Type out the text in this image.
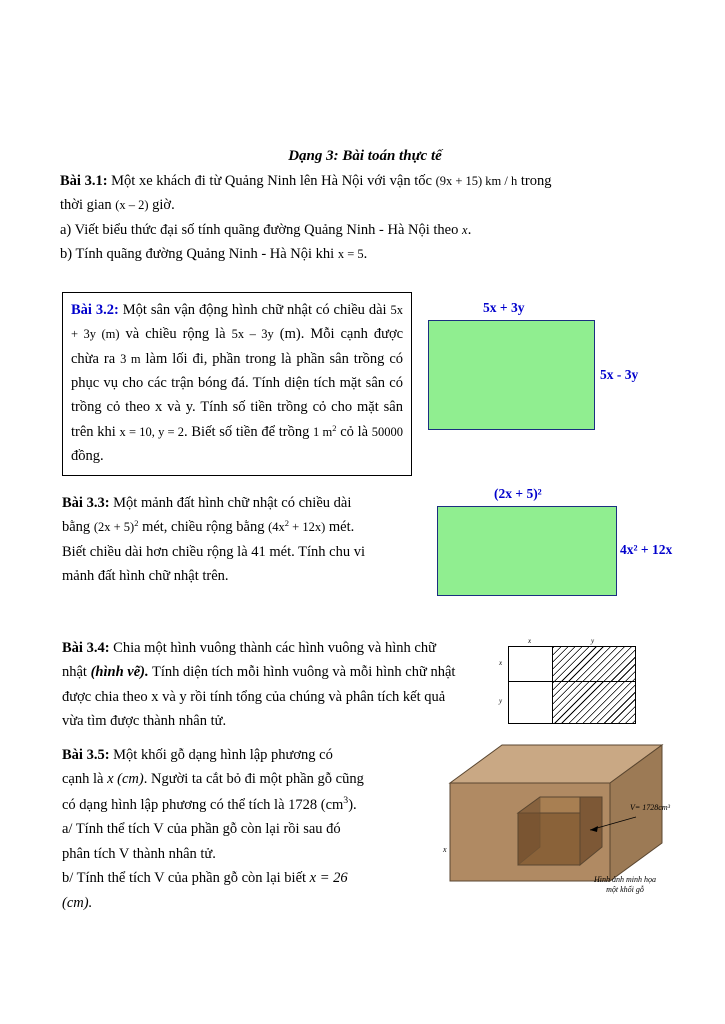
Dạng 3: Bài toán thực tế
Bài 3.1: Một xe khách đi từ Quảng Ninh lên Hà Nội với vận tốc (9x + 15) km / h trong
thời gian (x – 2) giờ.
a) Viết biểu thức đại số tính quãng đường Quảng Ninh - Hà Nội theo x.
b) Tính quãng đường Quảng Ninh - Hà Nội khi x = 5.
Bài 3.2: Một sân vận động hình chữ nhật có chiều dài 5x + 3y (m) và chiều rộng là 5x – 3y (m). Mỗi cạnh được chừa ra 3 m làm lối đi, phần trong là phần sân trồng có phục vụ cho các trận bóng đá. Tính diện tích mặt sân có trồng cỏ theo x và y. Tính số tiền trồng cỏ cho mặt sân trên khi x = 10, y = 2. Biết số tiền để trồng 1 $m^2$ cỏ là 50000 đồng.
5x + 3y
5x - 3y
Bài 3.3: Một mảnh đất hình chữ nhật có chiều dài
bằng $(2x + 5)^2$ mét, chiều rộng bằng $(4x^2 + 12x)$ mét.
Biết chiều dài hơn chiều rộng là 41 mét. Tính chu vi
mảnh đất hình chữ nhật trên.
(2x + 5)²
4x² + 12x
Bài 3.4: Chia một hình vuông thành các hình vuông và hình chữ
nhật (hình vẽ). Tính diện tích mỗi hình vuông và mỗi hình chữ nhật
được chia theo x và y rồi tính tổng của chúng và phân tích kết quả
vừa tìm được thành nhân tử.
x	y
x
y
Bài 3.5: Một khối gỗ dạng hình lập phương có
cạnh là x (cm). Người ta cắt bỏ đi một phần gỗ cũng
có dạng hình lập phương có thể tích là 1728 $(cm^3)$.
a/ Tính thể tích V của phần gỗ còn lại rồi sau đó
phân tích V thành nhân tử.
b/ Tính thể tích V của phần gỗ còn lại biết x = 26
(cm).
V= 1728cm³
x
Hình ảnh minh họa
một khối gỗ
